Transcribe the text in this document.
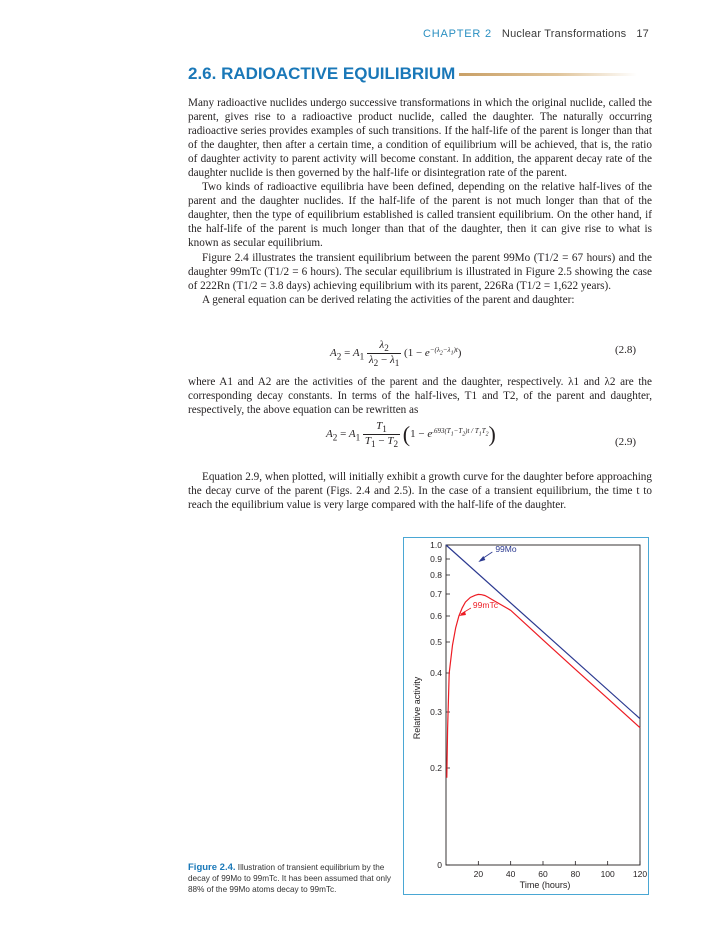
CHAPTER 2 Nuclear Transformations 17
2.6. RADIOACTIVE EQUILIBRIUM

Many radioactive nuclides undergo successive transformations in which the original nuclide, called the parent, gives rise to a radioactive product nuclide, called the daughter. The naturally occurring radioactive series provides examples of such transitions. If the half-life of the parent is longer than that of the daughter, then after a certain time, a condition of equilibrium will be achieved, that is, the ratio of daughter activity to parent activity will become constant. In addition, the apparent decay rate of the daughter nuclide is then governed by the half-life or disintegration rate of the parent.

Two kinds of radioactive equilibria have been defined, depending on the relative half-lives of the parent and the daughter nuclides. If the half-life of the parent is not much longer than that of the daughter, then the type of equilibrium established is called transient equilibrium. On the other hand, if the half-life of the parent is much longer than that of the daughter, then it can give rise to what is known as secular equilibrium.

Figure 2.4 illustrates the transient equilibrium between the parent 99Mo (T1/2 = 67 hours) and the daughter 99mTc (T1/2 = 6 hours). The secular equilibrium is illustrated in Figure 2.5 showing the case of 222Rn (T1/2 = 3.8 days) achieving equilibrium with its parent, 226Ra (T1/2 = 1,622 years).

A general equation can be derived relating the activities of the parent and daughter:

$A_2 = A_1 \frac{\lambda_2}{\lambda_2 - \lambda_1} (1 - e^{-(\lambda_2-\lambda_1)t})$	(2.8)

where A1 and A2 are the activities of the parent and the daughter, respectively. λ1 and λ2 are the corresponding decay constants. In terms of the half-lives, T1 and T2, of the parent and daughter, respectively, the above equation can be rewritten as

$A_2 = A_1 \frac{T_1}{T_1 - T_2} (1 - e^{.693(T_1-T_2)t / T_1T_2})$	(2.9)

Equation 2.9, when plotted, will initially exhibit a growth curve for the daughter before approaching the decay curve of the parent (Figs. 2.4 and 2.5). In the case of a transient equilibrium, the time t to reach the equilibrium value is very large compared with the half-life of the daughter.

1.0
0.9
0.8
0.7
0.6
0.5
0.4
0.3
0.2
0
20	40	60	80 100 120
Time (hours)
Relative activity
99Mo
99mTc
Figure 2.4. Illustration of transient equilibrium by the decay of 99Mo to 99mTc. It has been assumed that only 88% of the 99Mo atoms decay to 99mTc.
